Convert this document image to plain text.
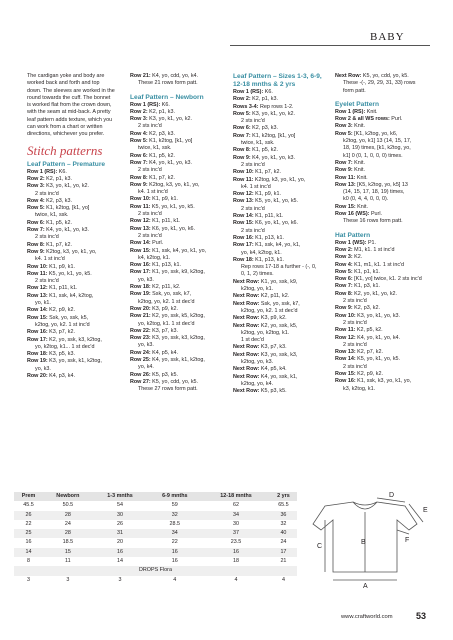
BABY

The cardigan yoke and body are worked back and forth and top down. The sleeves are worked in the round towards the cuff. The bonnet is worked flat from the crown down, with the seam at mid-back. A pretty leaf pattern adds texture, which you can work from a chart or written directions, whichever you prefer.

Stitch patterns

Leaf Pattern – Premature

Row 1 (RS): K6.
Row 2: K2, p1, k3.
Row 3: K3, yo, k1, yo, k2.
2 sts inc'd
Row 4: K2, p3, k3.
Row 5: K1, k2tog, [k1, yo]
twice, k1, ssk.
Row 6: K1, p5, k2.
Row 7: K4, yo, k1, yo, k3.
2 sts inc'd
Row 8: K1, p7, k2.
Row 9: K2tog, k3, yo, k1, yo,
k4. 1 st inc'd
Row 10: K1, p9, k1.
Row 11: K5, yo, k1, yo, k5.
2 sts inc'd
Row 12: K1, p11, k1.
Row 13: K1, ssk, k4, k2tog,
yo, k1.
Row 14: K2, p9, k2.
Row 15: Ssk, yo, ssk, k5,
k2tog, yo, k2. 1 st inc'd
Row 16: K3, p7, k2.
Row 17: K2, yo, ssk, k3, k2tog,
yo, k2tog, k1... 1 st dec'd
Row 18: K3, p5, k3.
Row 19: K3, yo, ssk, k1, k2tog,
yo, k3.
Row 20: K4, p3, k4.
Row 21: K4, yo, cdd, yo, k4.
These 21 rows form patt.

Leaf Pattern – Newborn

Row 1 (RS): K6.
Row 2: K2, p1, k3.
Row 3: K3, yo, k1, yo, k2.
2 sts inc'd
Row 4: K2, p3, k3.
Row 5: K1, k2tog, [k1, yo]
twice, k1, ssk.
Row 6: K1, p5, k2.
Row 7: K4, yo, k1, yo, k3.
2 sts inc'd
Row 8: K1, p7, k2.
Row 9: K2tog, k3, yo, k1, yo,
k4. 1 st inc'd
Row 10: K1, p9, k1.
Row 11: K5, yo, k1, yo, k5.
2 sts inc'd
Row 12: K1, p11, k1.
Row 13: K6, yo, k1, yo, k6.
2 sts inc'd
Row 14: Purl.
Row 15: K1, ssk, k4, yo, k1, yo,
k4, k2tog, k1.
Row 16: K1, p13, k1.
Row 17: K1, yo, ssk, k9, k2tog,
yo, k3.
Row 18: K2, p11, k2.
Row 19: Ssk, yo, ssk, k7,
k2tog, yo, k2. 1 st dec'd
Row 20: K3, p9, k2.
Row 21: K2, yo, ssk, k5, k2tog,
yo, k2tog, k1. 1 st dec'd
Row 22: K3, p7, k3.
Row 23: K3, yo, ssk, k3, k2tog,
yo, k3.
Row 24: K4, p5, k4.
Row 25: K4, yo, ssk, k1, k2tog,
yo, k4.
Row 26: K5, p3, k5.
Row 27: K5, yo, cdd, yo, k5.
These 27 rows form patt.

Leaf Pattern – Sizes 1-3, 6-9, 12-18 mnths & 2 yrs

Row 1 (RS): K6.
Row 2: K2, p1, k3.
Rows 3-4: Rep rows 1-2.
Row 5: K3, yo, k1, yo, k2.
2 sts inc'd
Row 6: K2, p3, k3.
Row 7: K1, k2tog, [k1, yo]
twice, k1, ssk.
Row 8: K1, p5, k2.
Row 9: K4, yo, k1, yo, k3.
2 sts inc'd
Row 10: K1, p7, k2.
Row 11: K2tog, k3, yo, k1, yo,
k4. 1 st inc'd
Row 12: K1, p9, k1.
Row 13: K5, yo, k1, yo, k5.
2 sts inc'd
Row 14: K1, p11, k1.
Row 15: K6, yo, k1, yo, k6.
2 sts inc'd
Row 16: K1, p13, k1.
Row 17: K1, ssk, k4, yo, k1,
yo, k4, k2tog, k1.
Row 18: K1, p13, k1.
Rep rows 17-18 a further - (-, 0,
0, 1, 2) times.
Next Row: K1, yo, ssk, k9,
k2tog, yo, k1.
Next Row: K2, p11, k2.
Next Row: Ssk, yo, ssk, k7,
k2tog, yo, k2. 1 st dec'd
Next Row: K3, p9, k2.
Next Row: K2, yo, ssk, k5,
k2tog, yo, k2tog, k1.
1 st dec'd
Next Row: K3, p7, k3.
Next Row: K3, yo, ssk, k3,
k2tog, yo, k3.
Next Row: K4, p5, k4.
Next Row: K4, yo, ssk, k1,
k2tog, yo, k4.
Next Row: K5, p3, k5.
Next Row: K5, yo, cdd, yo, k5.
These -(-, 29, 29, 31, 33) rows
form patt.

Eyelet Pattern

Row 1 (RS): Knit.
Row 2 & all WS rows: Purl.
Row 3: Knit.
Row 5: [K1, k2tog, yo, k6,
k2tog, yo, k1] 13 (14, 15, 17,
18, 19) times, [k1, k2tog, yo,
k1] 0 (0, 1, 0, 0, 0) times.
Row 7: Knit.
Row 9: Knit.
Row 11: Knit.
Row 13: [K5, k2tog, yo, k5] 13
(14, 15, 17, 18, 19) times,
k0 (0, 4, 4, 0, 0, 0).
Row 15: Knit.
Row 16 (WS): Purl.
These 16 rows form patt.

Hat Pattern

Row 1 (WS): P1.
Row 2: M1, k1. 1 st inc'd
Row 3: K2.
Row 4: K1, m1, k1. 1 st inc'd
Row 5: K1, p1, k1.
Row 6: [K1, yo] twice, k1. 2 sts inc'd
Row 7: K1, p3, k1.
Row 8: K2, yo, k1, yo, k2.
2 sts inc'd
Row 9: K2, p3, k2.
Row 10: K3, yo, k1, yo, k3.
2 sts inc'd
Row 11: K2, p5, k2.
Row 12: K4, yo, k1, yo, k4.
2 sts inc'd
Row 13: K2, p7, k2.
Row 14: K5, yo, k1, yo, k5.
2 sts inc'd
Row 15: K2, p9, k2.
Row 16: K1, ssk, k3, yo, k1, yo,
k3, k2tog, k1.
Prem	Newborn	1-3 mnths	6-9 mnths	12-18 mnths	2 yrs
45.5	50.5	54	59	62	65.5
26	28	30	32	34	36
22	24	26	28.5	30	32
25	28	31	34	37	40
16	18.5	20	22	23.5	24
14	15	16	16	16	17
8	11	14	16	18	21
DROPS Flora					
3	3	3	4	4	4
A
B
C
D
E
F
www.craftworld.com	53
